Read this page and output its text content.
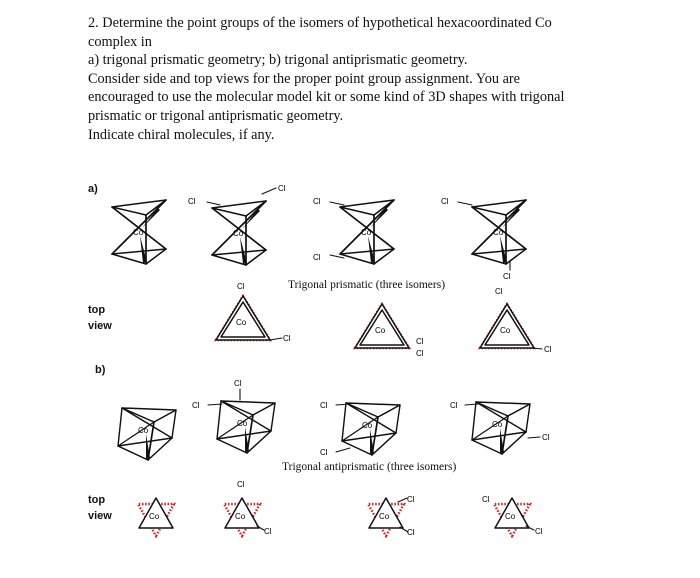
2. Determine the point groups of the isomers of hypothetical hexacoordinated Co
complex in
a) trigonal prismatic geometry; b) trigonal antiprismatic geometry.
Consider side and top views for the proper point group assignment. You are
encouraged to use the molecular model kit or some kind of 3D shapes with trigonal
prismatic or trigonal antiprismatic geometry.
Indicate chiral molecules, if any.
a)
b)
top
view
top
view
Trigonal prismatic (three isomers)
Trigonal antiprismatic (three isomers)
Co	Co	Co	Co
Cl
Cl
Cl
Cl
Cl
Cl
Cl
Co
Cl
Co
Cl
Cl
Cl
Co
Cl
Co
Co	Co	Co
Cl
Cl	Cl
Cl
Cl
Cl
Co
Cl
Co
Cl
Co
Cl
Cl
Co
Cl
Cl
